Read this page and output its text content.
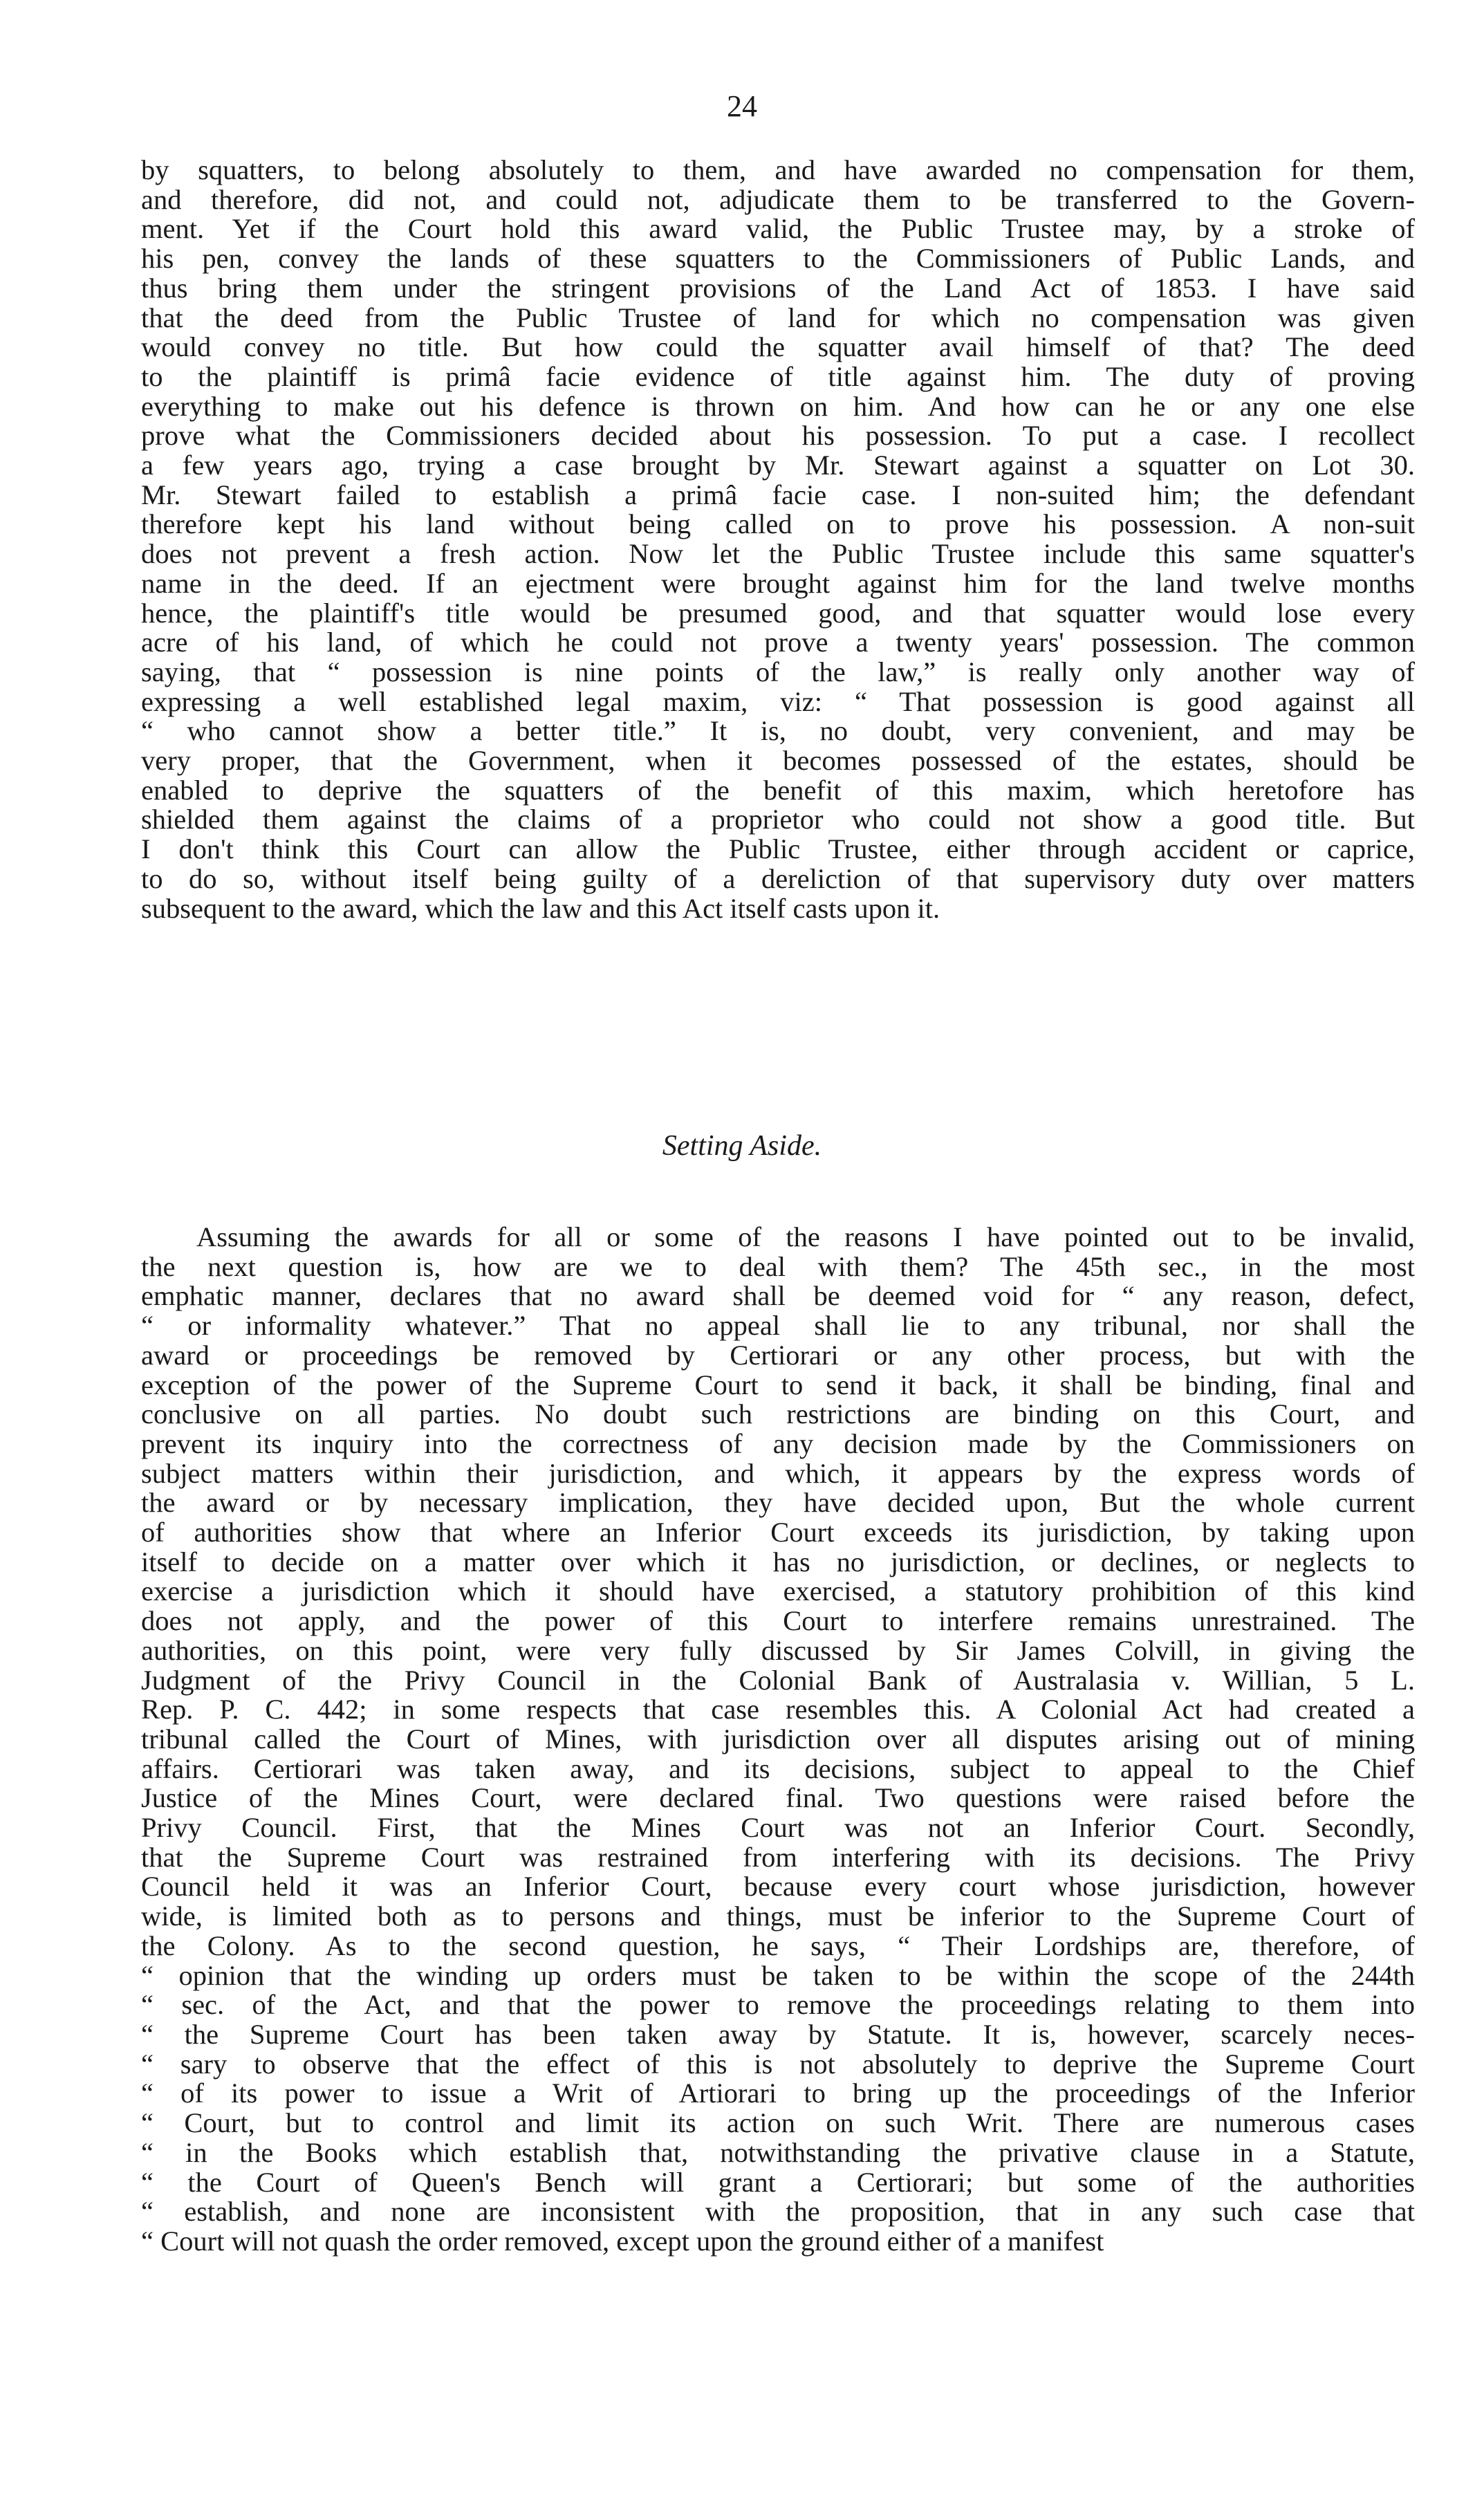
24
by squatters, to belong absolutely to them, and have awarded no compensation for them,
and therefore, did not, and could not, adjudicate them to be transferred to the Govern-
ment. Yet if the Court hold this award valid, the Public Trustee may, by a stroke of
his pen, convey the lands of these squatters to the Commissioners of Public Lands, and
thus bring them under the stringent provisions of the Land Act of 1853. I have said
that the deed from the Public Trustee of land for which no compensation was given
would convey no title. But how could the squatter avail himself of that? The deed
to the plaintiff is primâ facie evidence of title against him. The duty of proving
everything to make out his defence is thrown on him. And how can he or any one else
prove what the Commissioners decided about his possession. To put a case. I recollect
a few years ago, trying a case brought by Mr. Stewart against a squatter on Lot 30.
Mr. Stewart failed to establish a primâ facie case. I non-suited him; the defendant
therefore kept his land without being called on to prove his possession. A non-suit
does not prevent a fresh action. Now let the Public Trustee include this same squatter's
name in the deed. If an ejectment were brought against him for the land twelve months
hence, the plaintiff's title would be presumed good, and that squatter would lose every
acre of his land, of which he could not prove a twenty years' possession. The common
saying, that “ possession is nine points of the law,” is really only another way of
expressing a well established legal maxim, viz: “ That possession is good against all
“ who cannot show a better title.” It is, no doubt, very convenient, and may be
very proper, that the Government, when it becomes possessed of the estates, should be
enabled to deprive the squatters of the benefit of this maxim, which heretofore has
shielded them against the claims of a proprietor who could not show a good title. But
I don't think this Court can allow the Public Trustee, either through accident or caprice,
to do so, without itself being guilty of a dereliction of that supervisory duty over matters
subsequent to the award, which the law and this Act itself casts upon it.
Setting Aside.
Assuming the awards for all or some of the reasons I have pointed out to be invalid,
the next question is, how are we to deal with them? The 45th sec., in the most
emphatic manner, declares that no award shall be deemed void for “ any reason, defect,
“ or informality whatever.” That no appeal shall lie to any tribunal, nor shall the
award or proceedings be removed by Certiorari or any other process, but with the
exception of the power of the Supreme Court to send it back, it shall be binding, final and
conclusive on all parties. No doubt such restrictions are binding on this Court, and
prevent its inquiry into the correctness of any decision made by the Commissioners on
subject matters within their jurisdiction, and which, it appears by the express words of
the award or by necessary implication, they have decided upon, But the whole current
of authorities show that where an Inferior Court exceeds its jurisdiction, by taking upon
itself to decide on a matter over which it has no jurisdiction, or declines, or neglects to
exercise a jurisdiction which it should have exercised, a statutory prohibition of this kind
does not apply, and the power of this Court to interfere remains unrestrained. The
authorities, on this point, were very fully discussed by Sir James Colvill, in giving the
Judgment of the Privy Council in the Colonial Bank of Australasia v. Willian, 5 L.
Rep. P. C. 442; in some respects that case resembles this. A Colonial Act had created a
tribunal called the Court of Mines, with jurisdiction over all disputes arising out of mining
affairs. Certiorari was taken away, and its decisions, subject to appeal to the Chief
Justice of the Mines Court, were declared final. Two questions were raised before the
Privy Council. First, that the Mines Court was not an Inferior Court. Secondly,
that the Supreme Court was restrained from interfering with its decisions. The Privy
Council held it was an Inferior Court, because every court whose jurisdiction, however
wide, is limited both as to persons and things, must be inferior to the Supreme Court of
the Colony. As to the second question, he says, “ Their Lordships are, therefore, of
“ opinion that the winding up orders must be taken to be within the scope of the 244th
“ sec. of the Act, and that the power to remove the proceedings relating to them into
“ the Supreme Court has been taken away by Statute. It is, however, scarcely neces-
“ sary to observe that the effect of this is not absolutely to deprive the Supreme Court
“ of its power to issue a Writ of Artiorari to bring up the proceedings of the Inferior
“ Court, but to control and limit its action on such Writ. There are numerous cases
“ in the Books which establish that, notwithstanding the privative clause in a Statute,
“ the Court of Queen's Bench will grant a Certiorari; but some of the authorities
“ establish, and none are inconsistent with the proposition, that in any such case that
“ Court will not quash the order removed, except upon the ground either of a manifest
